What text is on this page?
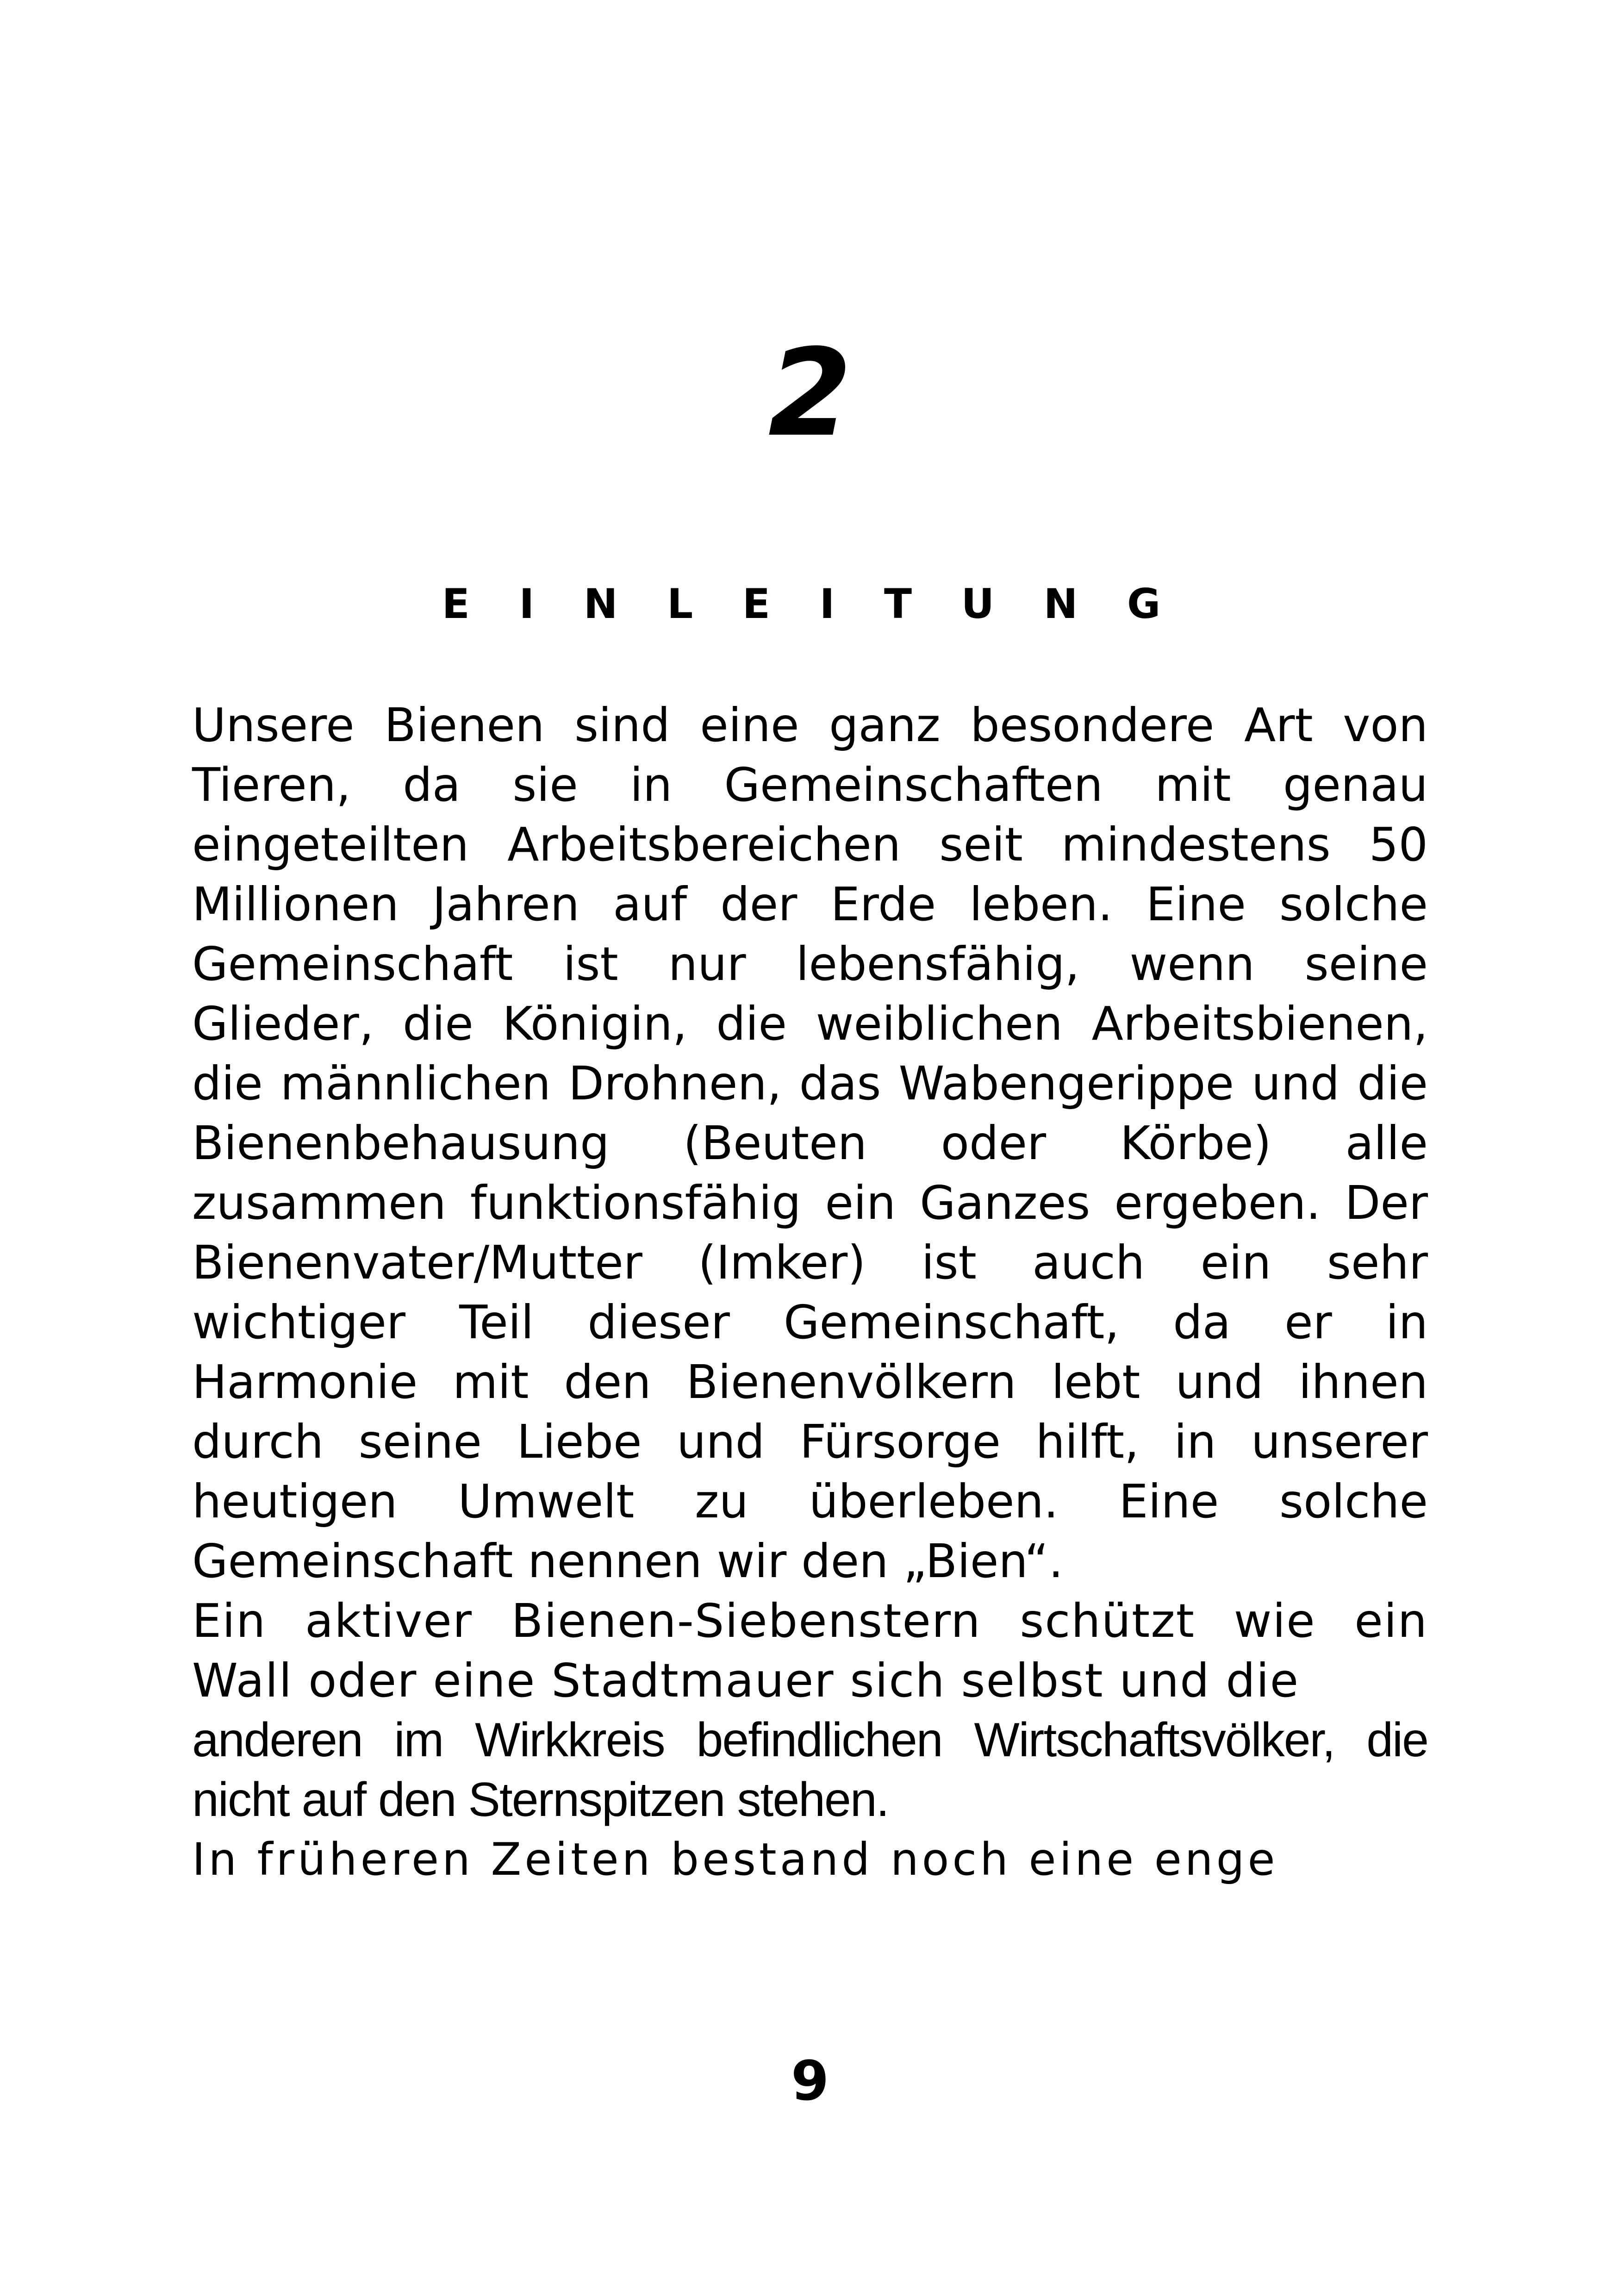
2
E I N L E I T U N G

Unsere Bienen sind eine ganz besondere Art von Tieren, da sie in Gemeinschaften mit genau eingeteilten Arbeitsbereichen seit mindestens 50 Millionen Jahren auf der Erde leben. Eine solche Gemeinschaft ist nur lebensfähig, wenn seine Glieder, die Königin, die weiblichen Arbeitsbienen, die männlichen Drohnen, das Wabengerippe und die Bienenbehausung (Beuten oder Körbe) alle zusammen funktionsfähig ein Ganzes ergeben. Der Bienenvater/Mutter (Imker) ist auch ein sehr wichtiger Teil dieser Gemeinschaft, da er in Harmonie mit den Bienenvölkern lebt und ihnen durch seine Liebe und Fürsorge hilft, in unserer heutigen Umwelt zu überleben. Eine solche Gemeinschaft nennen wir den „Bien“.

Ein aktiver Bienen-Siebenstern schützt wie ein Wall oder eine Stadtmauer sich selbst und die

anderen im Wirkkreis befindlichen Wirtschaftsvölker, die nicht auf den Sternspitzen stehen.

In früheren Zeiten bestand noch eine enge

9
